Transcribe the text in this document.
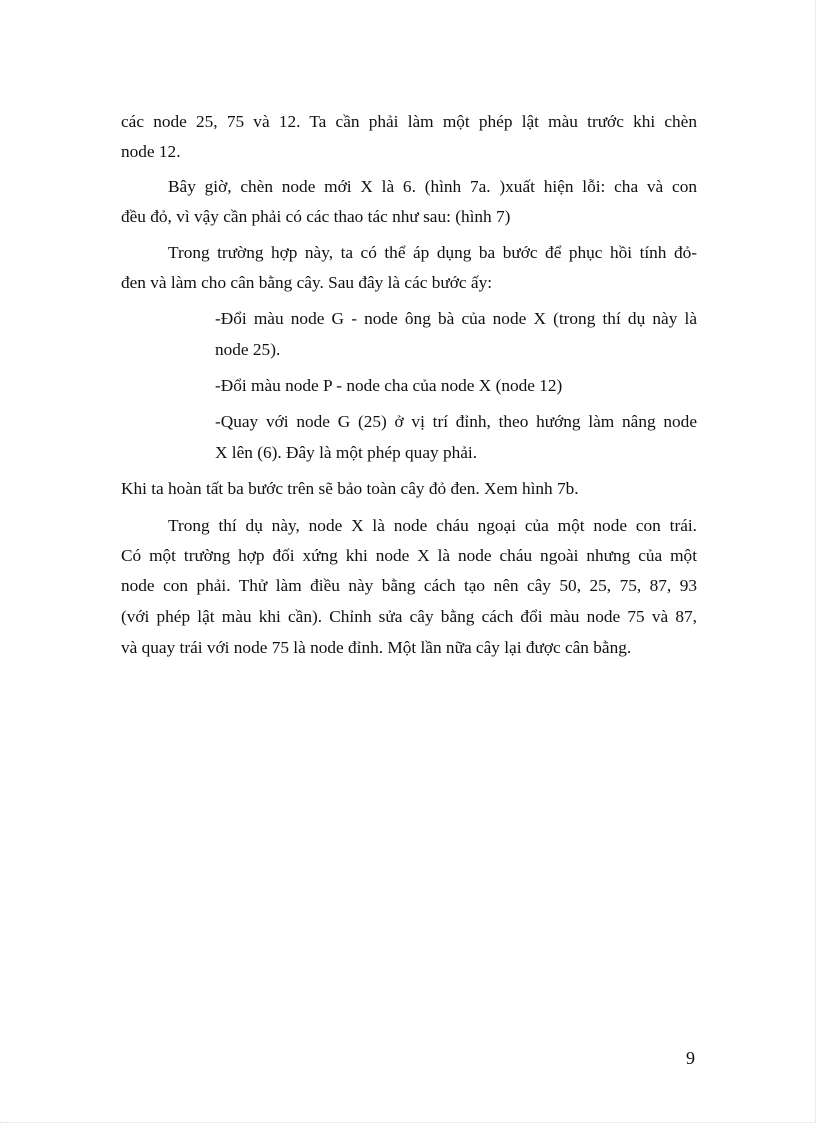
các node 25, 75 và 12. Ta cần phải làm một phép lật màu trước khi chèn
node 12.
Bây giờ, chèn node mới X là 6. (hình 7a. )xuất hiện lỗi: cha và con
đều đỏ, vì vậy cần phải có các thao tác như sau: (hình 7)
Trong trường hợp này, ta có thể áp dụng ba bước để phục hồi tính đỏ-
đen và làm cho cân bằng cây. Sau đây là các bước ấy:
-Đổi màu node G - node ông bà của node X (trong thí dụ này là
node 25).
-Đổi màu node P - node cha của node X (node 12)
-Quay với node G (25) ở vị trí đỉnh, theo hướng làm nâng node
X lên (6). Đây là một phép quay phải.
Khi ta hoàn tất ba bước trên sẽ bảo toàn cây đỏ đen. Xem hình 7b.
Trong thí dụ này, node X là node cháu ngoại của một node con trái.
Có một trường hợp đối xứng khi node X là node cháu ngoài nhưng của một
node con phải. Thử làm điều này bằng cách tạo nên cây 50, 25, 75, 87, 93
(với phép lật màu khi cần). Chỉnh sửa cây bằng cách đổi màu node 75 và 87,
và quay trái với node 75 là node đỉnh. Một lần nữa cây lại được cân bằng.
9
